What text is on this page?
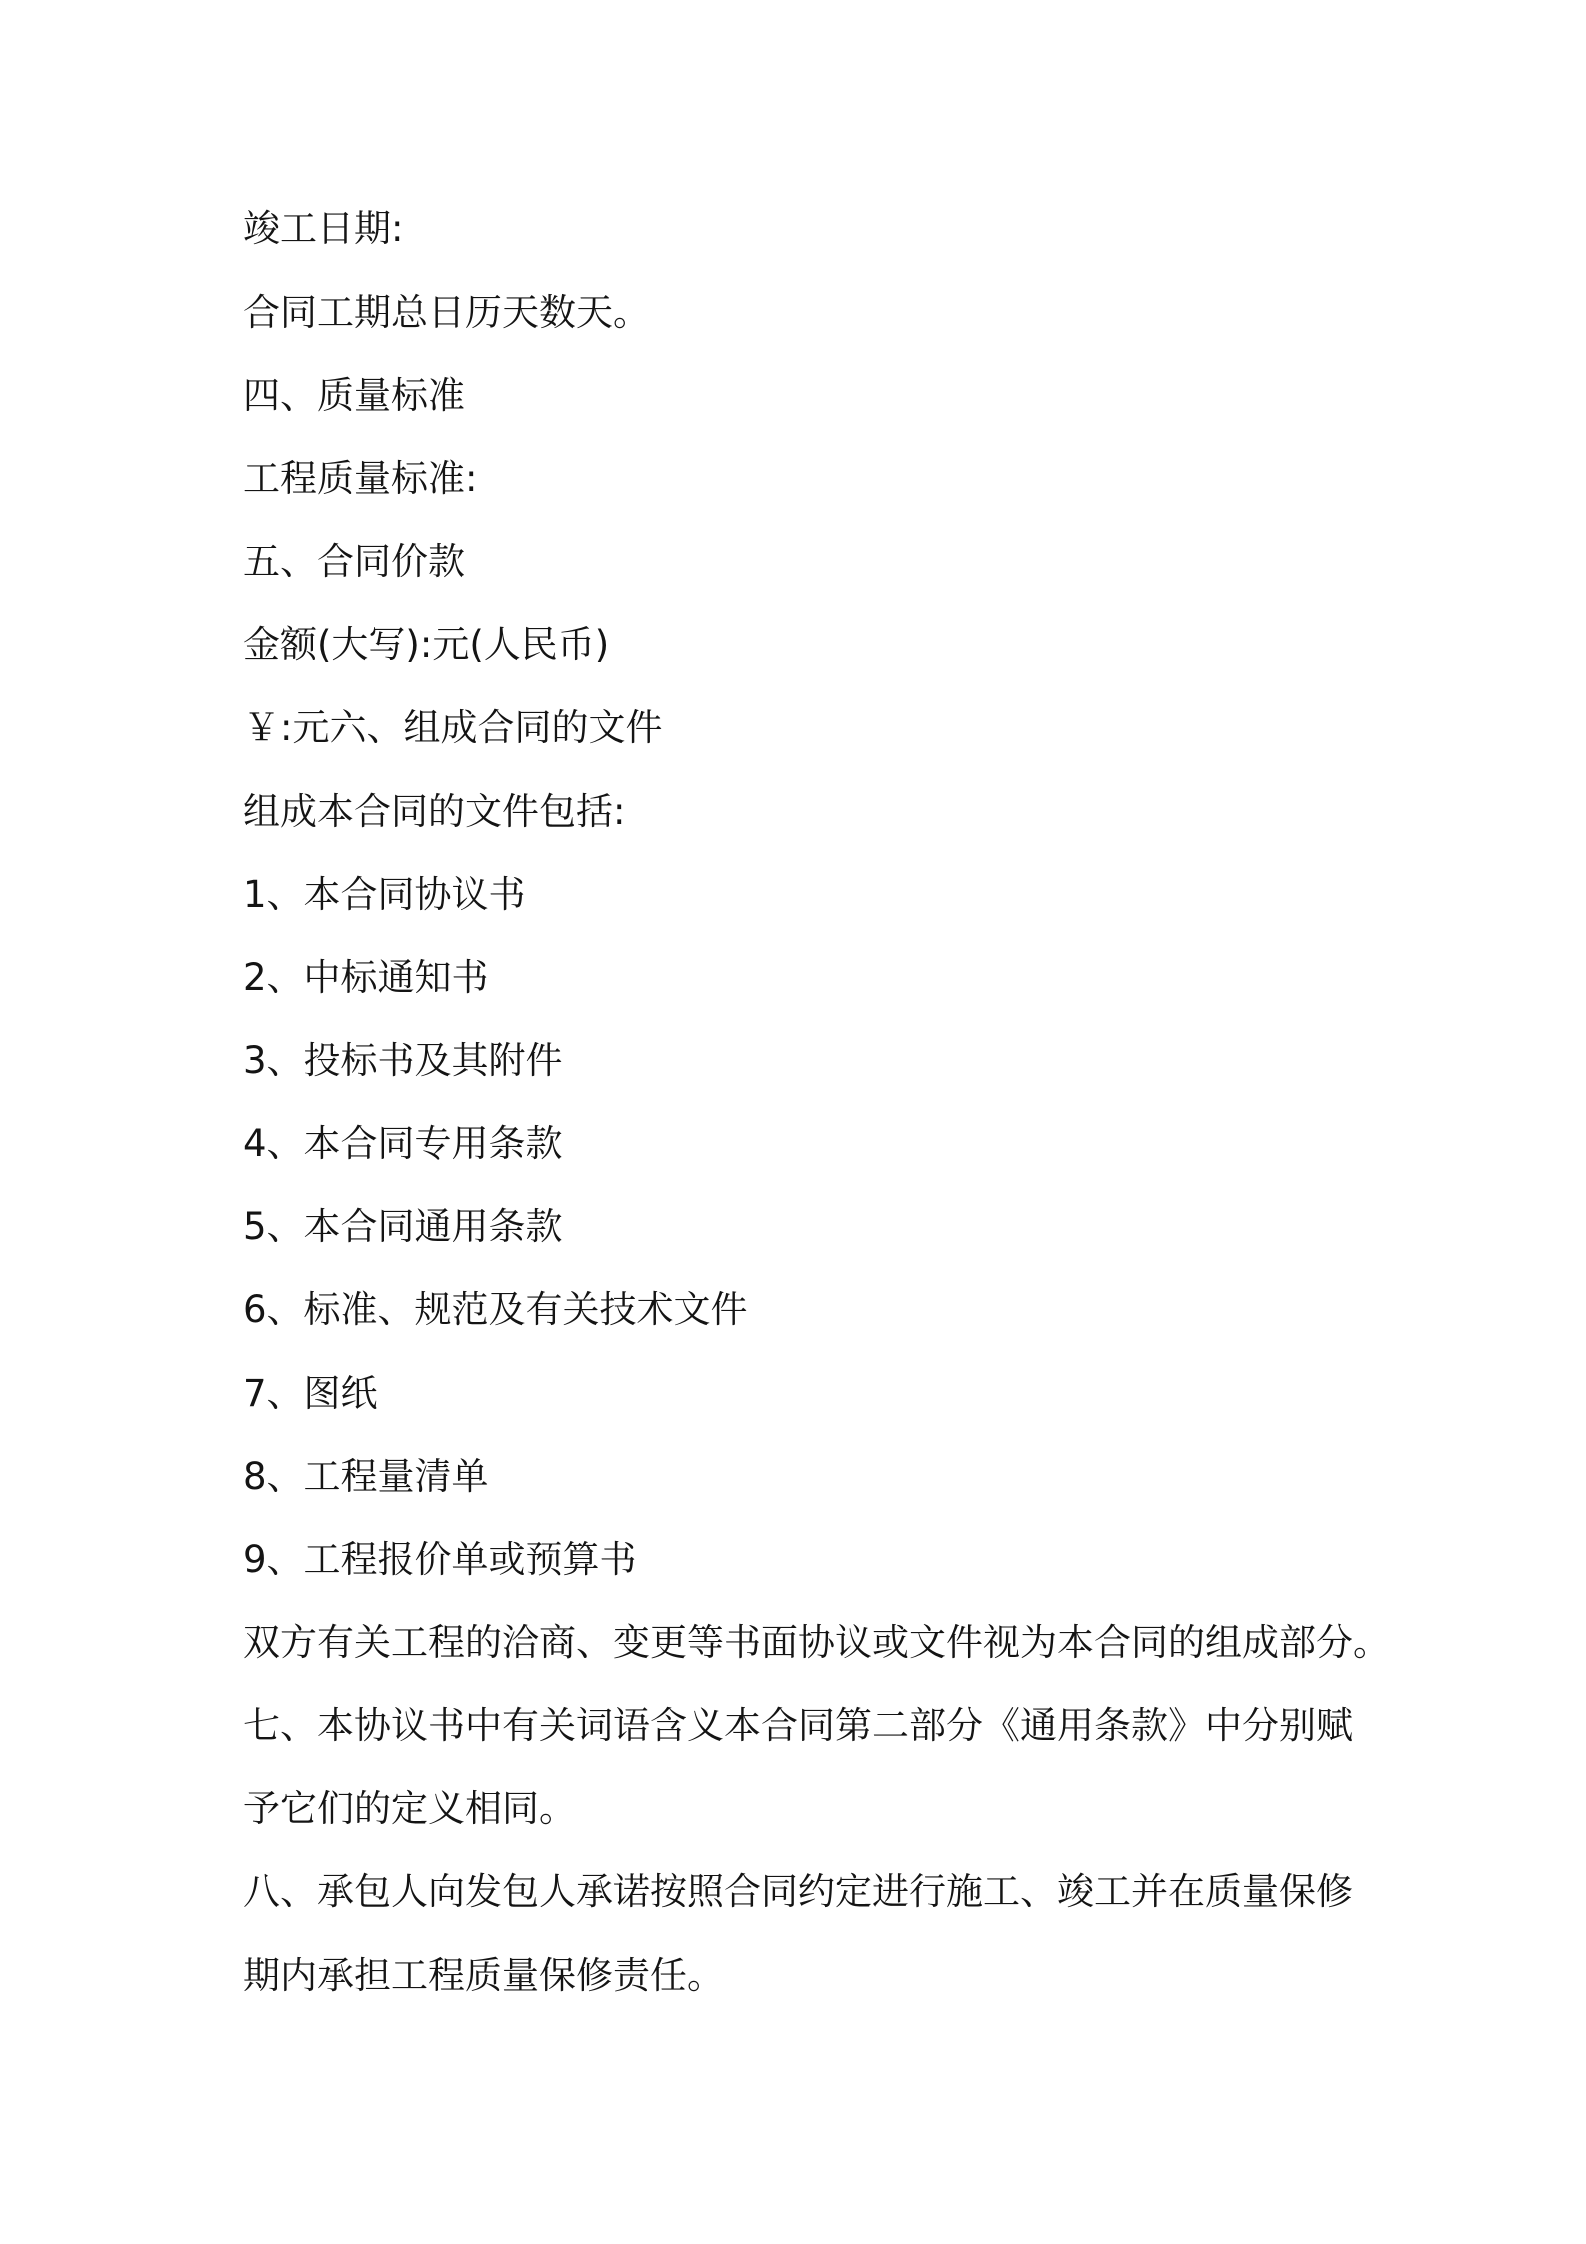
竣工日期:

合同工期总日历天数天。

四、质量标准

工程质量标准:

五、合同价款

金额(大写):元(人民币)

￥:元六、组成合同的文件

组成本合同的文件包括:

1、本合同协议书

2、中标通知书

3、投标书及其附件

4、本合同专用条款

5、本合同通用条款

6、标准、规范及有关技术文件

7、图纸

8、工程量清单

9、工程报价单或预算书

双方有关工程的洽商、变更等书面协议或文件视为本合同的组成部分。

七、本协议书中有关词语含义本合同第二部分《通用条款》中分别赋

予它们的定义相同。

八、承包人向发包人承诺按照合同约定进行施工、竣工并在质量保修

期内承担工程质量保修责任。
